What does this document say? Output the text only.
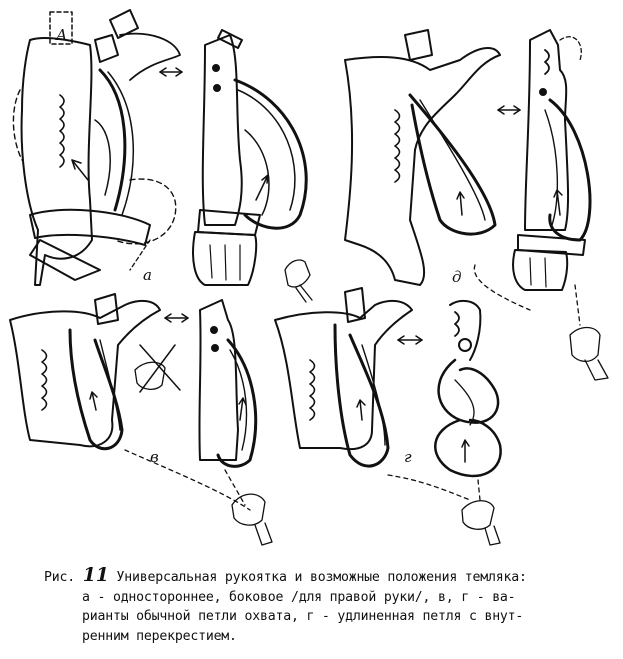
А
а	д
в	г
Рис. 11 Универсальная рукоятка и возможные положения темляка:
а - одностороннее, боковое /для правой руки/, в, г - ва-
рианты обычной петли охвата, г - удлиненная петля с внут-
ренним перекрестием.
